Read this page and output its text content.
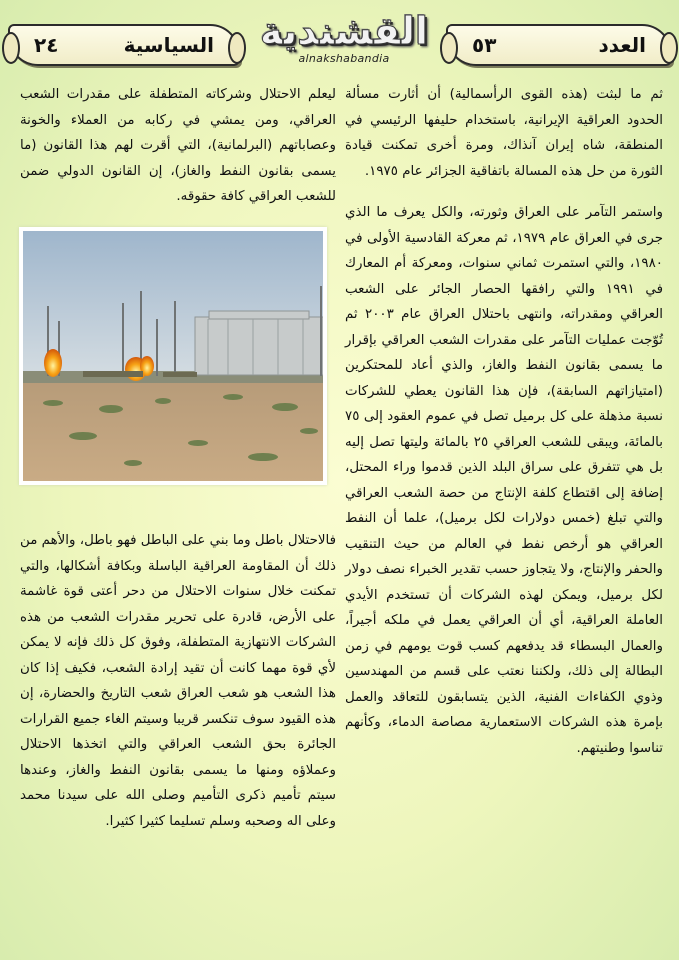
٢٤	السياسية	القشندية
alnakshabandia
٥٣	العدد

ثم ما لبثت (هذه القوى الرأسمالية) أن أثارت مسألة الحدود العراقية الإيرانية، باستخدام حليفها الرئيسي في المنطقة، شاه إيران آنذاك، ومرة أخرى تمكنت قيادة الثورة من حل هذه المسالة باتفاقية الجزائر عام ١٩٧٥.

واستمر التآمر على العراق وثورته، والكل يعرف ما الذي جرى في العراق عام ١٩٧٩، ثم معركة القادسية الأولى في ١٩٨٠، والتي استمرت ثماني سنوات، ومعركة أم المعارك في ١٩٩١ والتي رافقها الحصار الجائر على الشعب العراقي ومقدراته، وانتهى باحتلال العراق عام ٢٠٠٣ ثم تُوّجت عمليات التآمر على مقدرات الشعب العراقي بإقرار ما يسمى بقانون النفط والغاز، والذي أعاد للمحتكرين (امتيازاتهم السابقة)، فإن هذا القانون يعطي للشركات نسبة مذهلة على كل برميل تصل في عموم العقود إلى ٧٥ بالمائة، ويبقى للشعب العراقي ٢٥ بالمائة وليتها تصل إليه بل هي تتفرق على سراق البلد الذين قدموا وراء المحتل، إضافة إلى اقتطاع كلفة الإنتاج من حصة الشعب العراقي والتي تبلغ (خمس دولارات لكل برميل)، علما أن النفط العراقي هو أرخص نفط في العالم من حيث التنقيب والحفر والإنتاج، ولا يتجاوز حسب تقدير الخبراء نصف دولار لكل برميل، ويمكن لهذه الشركات أن تستخدم الأيدي العاملة العراقية، أي أن العراقي يعمل في ملكه أجيراً، والعمال البسطاء قد يدفعهم كسب قوت يومهم في زمن البطالة إلى ذلك، ولكننا نعتب على قسم من المهندسين وذوي الكفاءات الفنية، الذين يتسابقون للتعاقد والعمل بإمرة هذه الشركات الاستعمارية مصاصة الدماء، وكأنهم تناسوا وطنيتهم.

ليعلم الاحتلال وشركاته المتطفلة على مقدرات الشعب العراقي، ومن يمشي في ركابه من العملاء والخونة وعصاباتهم (البرلمانية)، التي أقرت لهم هذا القانون (ما يسمى بقانون النفط والغاز)، إن القانون الدولي ضمن للشعب العراقي كافة حقوقه.

فالاحتلال باطل وما بني على الباطل فهو باطل، والأهم من ذلك أن المقاومة العراقية الباسلة وبكافة أشكالها، والتي تمكنت خلال سنوات الاحتلال من دحر أعتى قوة غاشمة على الأرض، قادرة على تحرير مقدرات الشعب من هذه الشركات الانتهازية المتطفلة، وفوق كل ذلك فإنه لا يمكن لأي قوة مهما كانت أن تقيد إرادة الشعب، فكيف إذا كان هذا الشعب هو شعب العراق شعب التاريخ والحضارة، إن هذه القيود سوف تنكسر قريبا وسيتم الغاء جميع القرارات الجائرة بحق الشعب العراقي والتي اتخذها الاحتلال وعملاؤه ومنها ما يسمى بقانون النفط والغاز، وعندها سيتم تأميم ذكرى التأميم وصلى الله على سيدنا محمد وعلى اله وصحبه وسلم تسليما كثيرا كثيرا.
